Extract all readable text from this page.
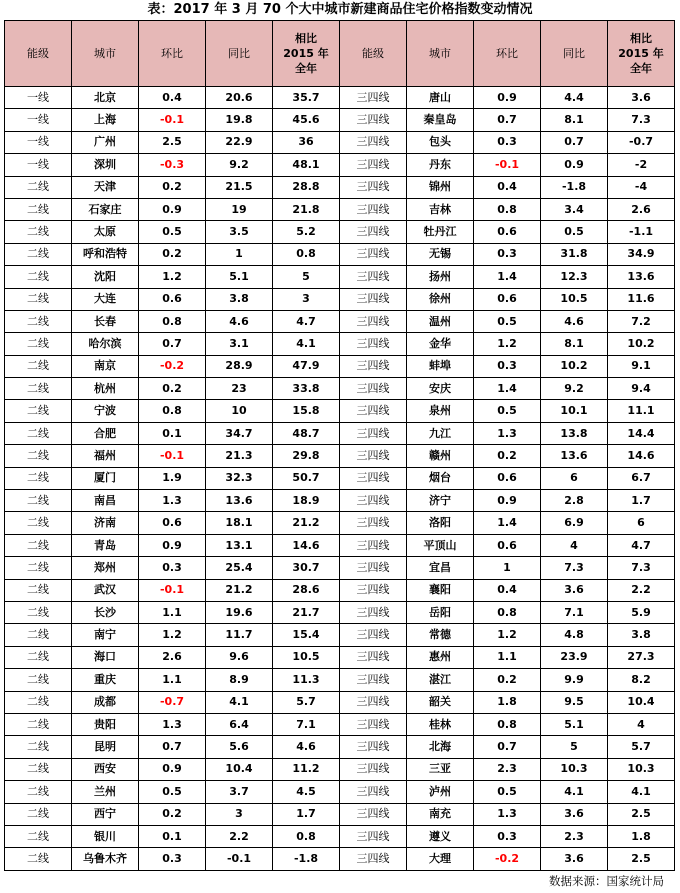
表：2017 年 3 月 70 个大中城市新建商品住宅价格指数变动情况
能级	城市	环比	同比	相比
2015 年
全年	能级	城市	环比	同比	相比
2015 年
全年
一线	北京	0.4	20.6	35.7	三四线	唐山	0.9	4.4	3.6
一线	上海	-0.1	19.8	45.6	三四线	秦皇岛	0.7	8.1	7.3
一线	广州	2.5	22.9	36	三四线	包头	0.3	0.7	-0.7
一线	深圳	-0.3	9.2	48.1	三四线	丹东	-0.1	0.9	-2
二线	天津	0.2	21.5	28.8	三四线	锦州	0.4	-1.8	-4
二线	石家庄	0.9	19	21.8	三四线	吉林	0.8	3.4	2.6
二线	太原	0.5	3.5	5.2	三四线	牡丹江	0.6	0.5	-1.1
二线	呼和浩特	0.2	1	0.8	三四线	无锡	0.3	31.8	34.9
二线	沈阳	1.2	5.1	5	三四线	扬州	1.4	12.3	13.6
二线	大连	0.6	3.8	3	三四线	徐州	0.6	10.5	11.6
二线	长春	0.8	4.6	4.7	三四线	温州	0.5	4.6	7.2
二线	哈尔滨	0.7	3.1	4.1	三四线	金华	1.2	8.1	10.2
二线	南京	-0.2	28.9	47.9	三四线	蚌埠	0.3	10.2	9.1
二线	杭州	0.2	23	33.8	三四线	安庆	1.4	9.2	9.4
二线	宁波	0.8	10	15.8	三四线	泉州	0.5	10.1	11.1
二线	合肥	0.1	34.7	48.7	三四线	九江	1.3	13.8	14.4
二线	福州	-0.1	21.3	29.8	三四线	赣州	0.2	13.6	14.6
二线	厦门	1.9	32.3	50.7	三四线	烟台	0.6	6	6.7
二线	南昌	1.3	13.6	18.9	三四线	济宁	0.9	2.8	1.7
二线	济南	0.6	18.1	21.2	三四线	洛阳	1.4	6.9	6
二线	青岛	0.9	13.1	14.6	三四线	平顶山	0.6	4	4.7
二线	郑州	0.3	25.4	30.7	三四线	宜昌	1	7.3	7.3
二线	武汉	-0.1	21.2	28.6	三四线	襄阳	0.4	3.6	2.2
二线	长沙	1.1	19.6	21.7	三四线	岳阳	0.8	7.1	5.9
二线	南宁	1.2	11.7	15.4	三四线	常德	1.2	4.8	3.8
二线	海口	2.6	9.6	10.5	三四线	惠州	1.1	23.9	27.3
二线	重庆	1.1	8.9	11.3	三四线	湛江	0.2	9.9	8.2
二线	成都	-0.7	4.1	5.7	三四线	韶关	1.8	9.5	10.4
二线	贵阳	1.3	6.4	7.1	三四线	桂林	0.8	5.1	4
二线	昆明	0.7	5.6	4.6	三四线	北海	0.7	5	5.7
二线	西安	0.9	10.4	11.2	三四线	三亚	2.3	10.3	10.3
二线	兰州	0.5	3.7	4.5	三四线	泸州	0.5	4.1	4.1
二线	西宁	0.2	3	1.7	三四线	南充	1.3	3.6	2.5
二线	银川	0.1	2.2	0.8	三四线	遵义	0.3	2.3	1.8
二线	乌鲁木齐	0.3	-0.1	-1.8	三四线	大理	-0.2	3.6	2.5
数据来源：国家统计局
